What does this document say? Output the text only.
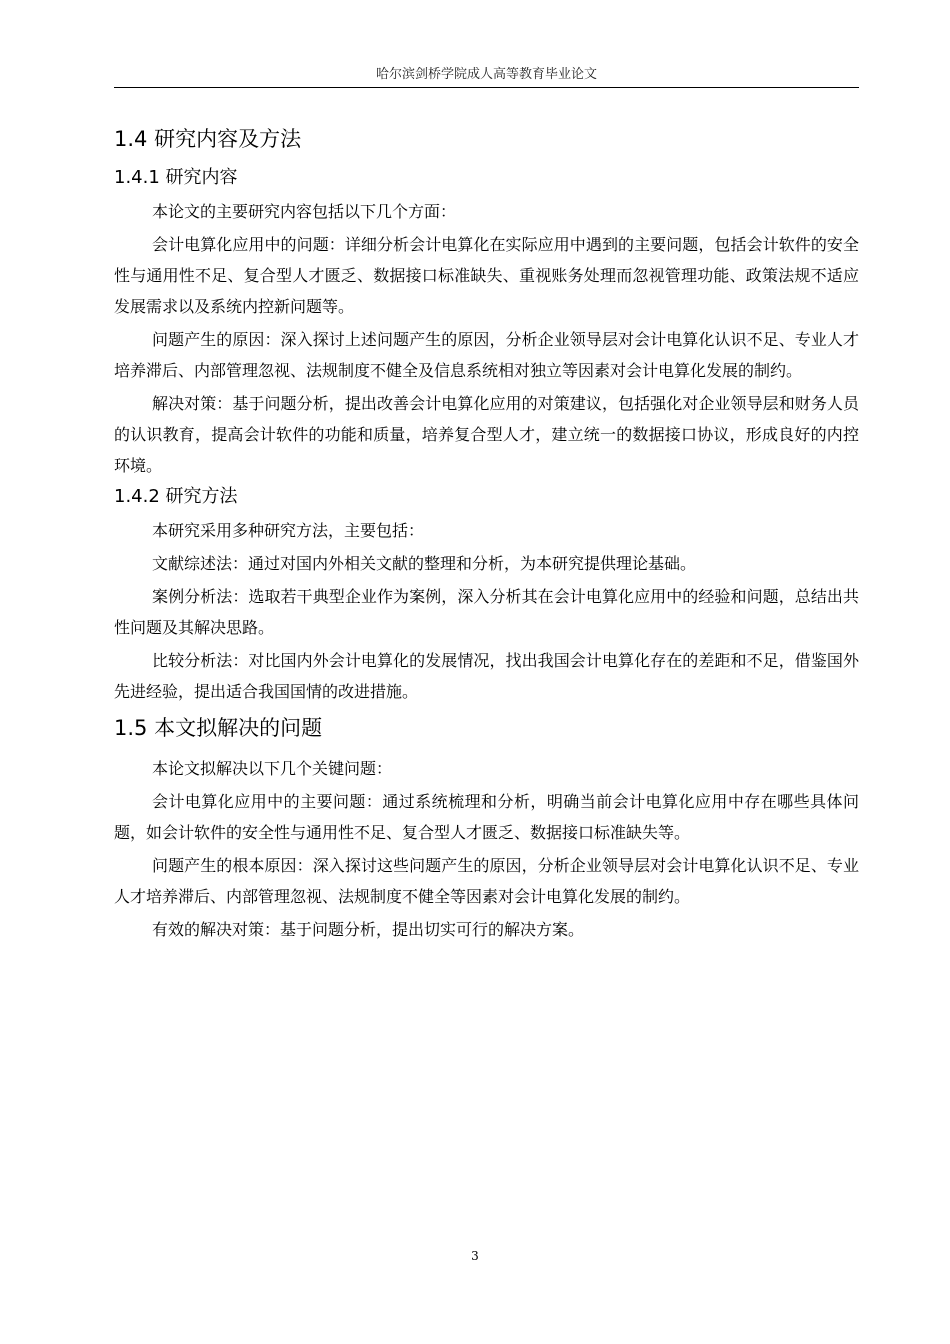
哈尔滨剑桥学院成人高等教育毕业论文
1.4 研究内容及方法
1.4.1 研究内容

本论文的主要研究内容包括以下几个方面：

会计电算化应用中的问题：详细分析会计电算化在实际应用中遇到的主要问题，包括会计软件的安全性与通用性不足、复合型人才匮乏、数据接口标准缺失、重视账务处理而忽视管理功能、政策法规不适应发展需求以及系统内控新问题等。

问题产生的原因：深入探讨上述问题产生的原因，分析企业领导层对会计电算化认识不足、专业人才培养滞后、内部管理忽视、法规制度不健全及信息系统相对独立等因素对会计电算化发展的制约。

解决对策：基于问题分析，提出改善会计电算化应用的对策建议，包括强化对企业领导层和财务人员的认识教育，提高会计软件的功能和质量，培养复合型人才，建立统一的数据接口协议，形成良好的内控环境。

1.4.2 研究方法

本研究采用多种研究方法，主要包括：

文献综述法：通过对国内外相关文献的整理和分析，为本研究提供理论基础。

案例分析法：选取若干典型企业作为案例，深入分析其在会计电算化应用中的经验和问题，总结出共性问题及其解决思路。

比较分析法：对比国内外会计电算化的发展情况，找出我国会计电算化存在的差距和不足，借鉴国外先进经验，提出适合我国国情的改进措施。

1.5 本文拟解决的问题

本论文拟解决以下几个关键问题：

会计电算化应用中的主要问题：通过系统梳理和分析，明确当前会计电算化应用中存在哪些具体问题，如会计软件的安全性与通用性不足、复合型人才匮乏、数据接口标准缺失等。

问题产生的根本原因：深入探讨这些问题产生的原因，分析企业领导层对会计电算化认识不足、专业人才培养滞后、内部管理忽视、法规制度不健全等因素对会计电算化发展的制约。

有效的解决对策：基于问题分析，提出切实可行的解决方案。

3
